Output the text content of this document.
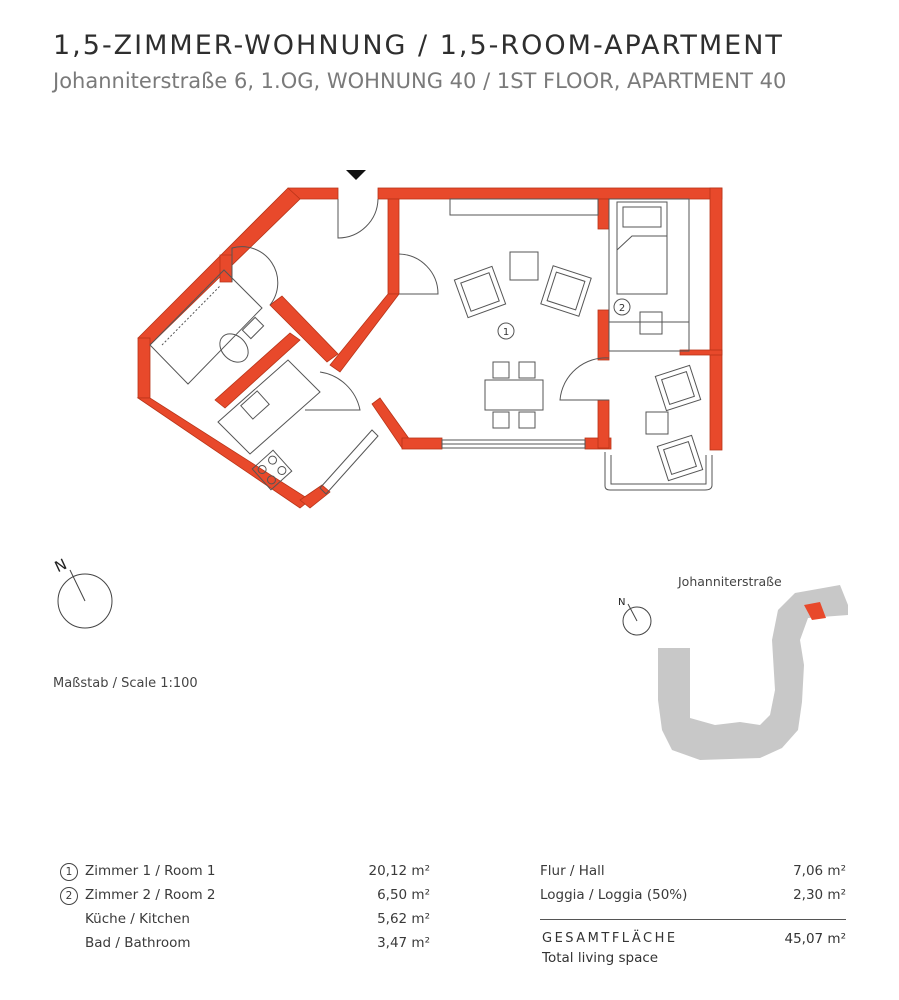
1,5-ZIMMER-WOHNUNG / 1,5-ROOM-APARTMENT
Johanniterstraße 6, 1.OG, WOHNUNG 40 / 1ST FLOOR, APARTMENT 40
1
2
N
N
Maßstab / Scale 1:100
Johanniterstraße
1 Zimmer 1 / Room 1	20,12 m²
2 Zimmer 2 / Room 2	6,50 m²
Küche / Kitchen	5,62 m²
Bad / Bathroom	3,47 m²
Flur / Hall	7,06 m²
Loggia / Loggia (50%)	2,30 m²
GESAMTFLÄCHE
Total living space
45,07 m²
